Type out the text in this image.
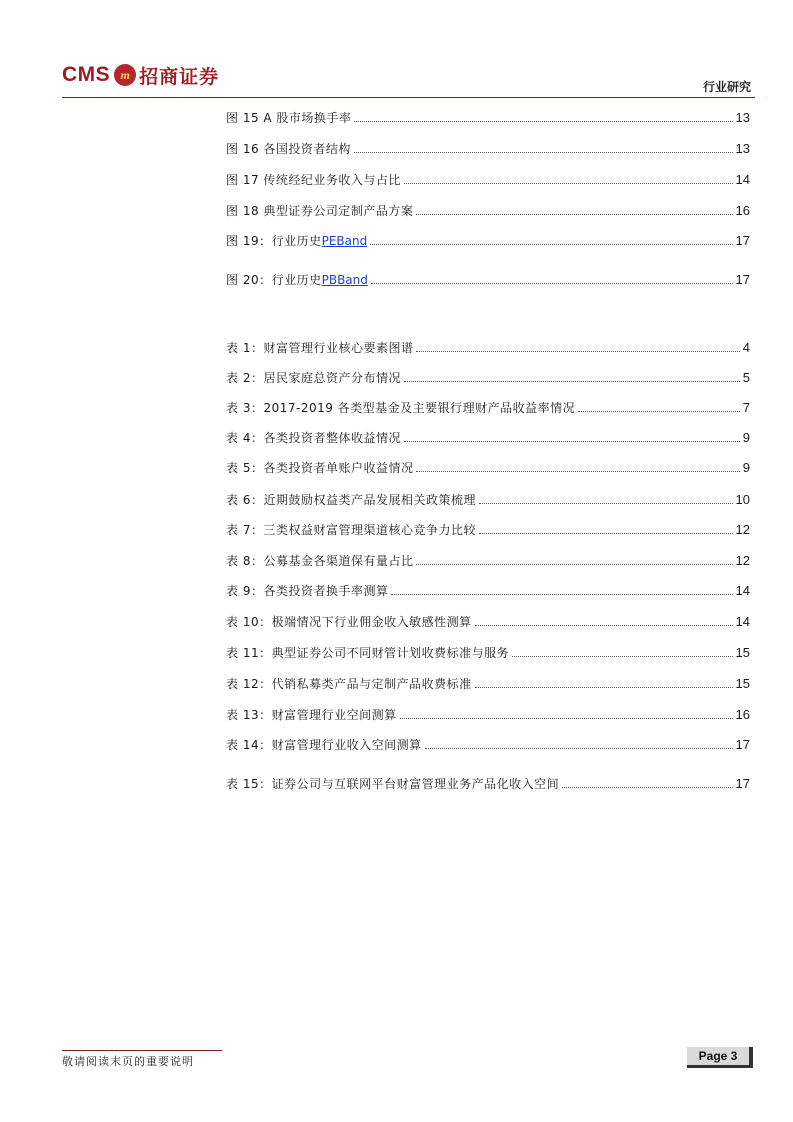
CMS m 招商证券	行业研究
图 15 A 股市场换手率	13
图 16 各国投资者结构	13
图 17 传统经纪业务收入与占比	14
图 18 典型证券公司定制产品方案	16
图 19：行业历史PEBand	17
图 20：行业历史PBBand	17
表 1：财富管理行业核心要素图谱	4
表 2：居民家庭总资产分布情况	5
表 3：2017-2019 各类型基金及主要银行理财产品收益率情况	7
表 4：各类投资者整体收益情况	9
表 5：各类投资者单账户收益情况	9
表 6：近期鼓励权益类产品发展相关政策梳理	10
表 7：三类权益财富管理渠道核心竞争力比较	12
表 8：公募基金各渠道保有量占比	12
表 9：各类投资者换手率测算	14
表 10：极端情况下行业佣金收入敏感性测算	14
表 11：典型证券公司不同财管计划收费标准与服务	15
表 12：代销私募类产品与定制产品收费标准	15
表 13：财富管理行业空间测算	16
表 14：财富管理行业收入空间测算	17
表 15：证券公司与互联网平台财富管理业务产品化收入空间	17
敬请阅读末页的重要说明	Page 3
